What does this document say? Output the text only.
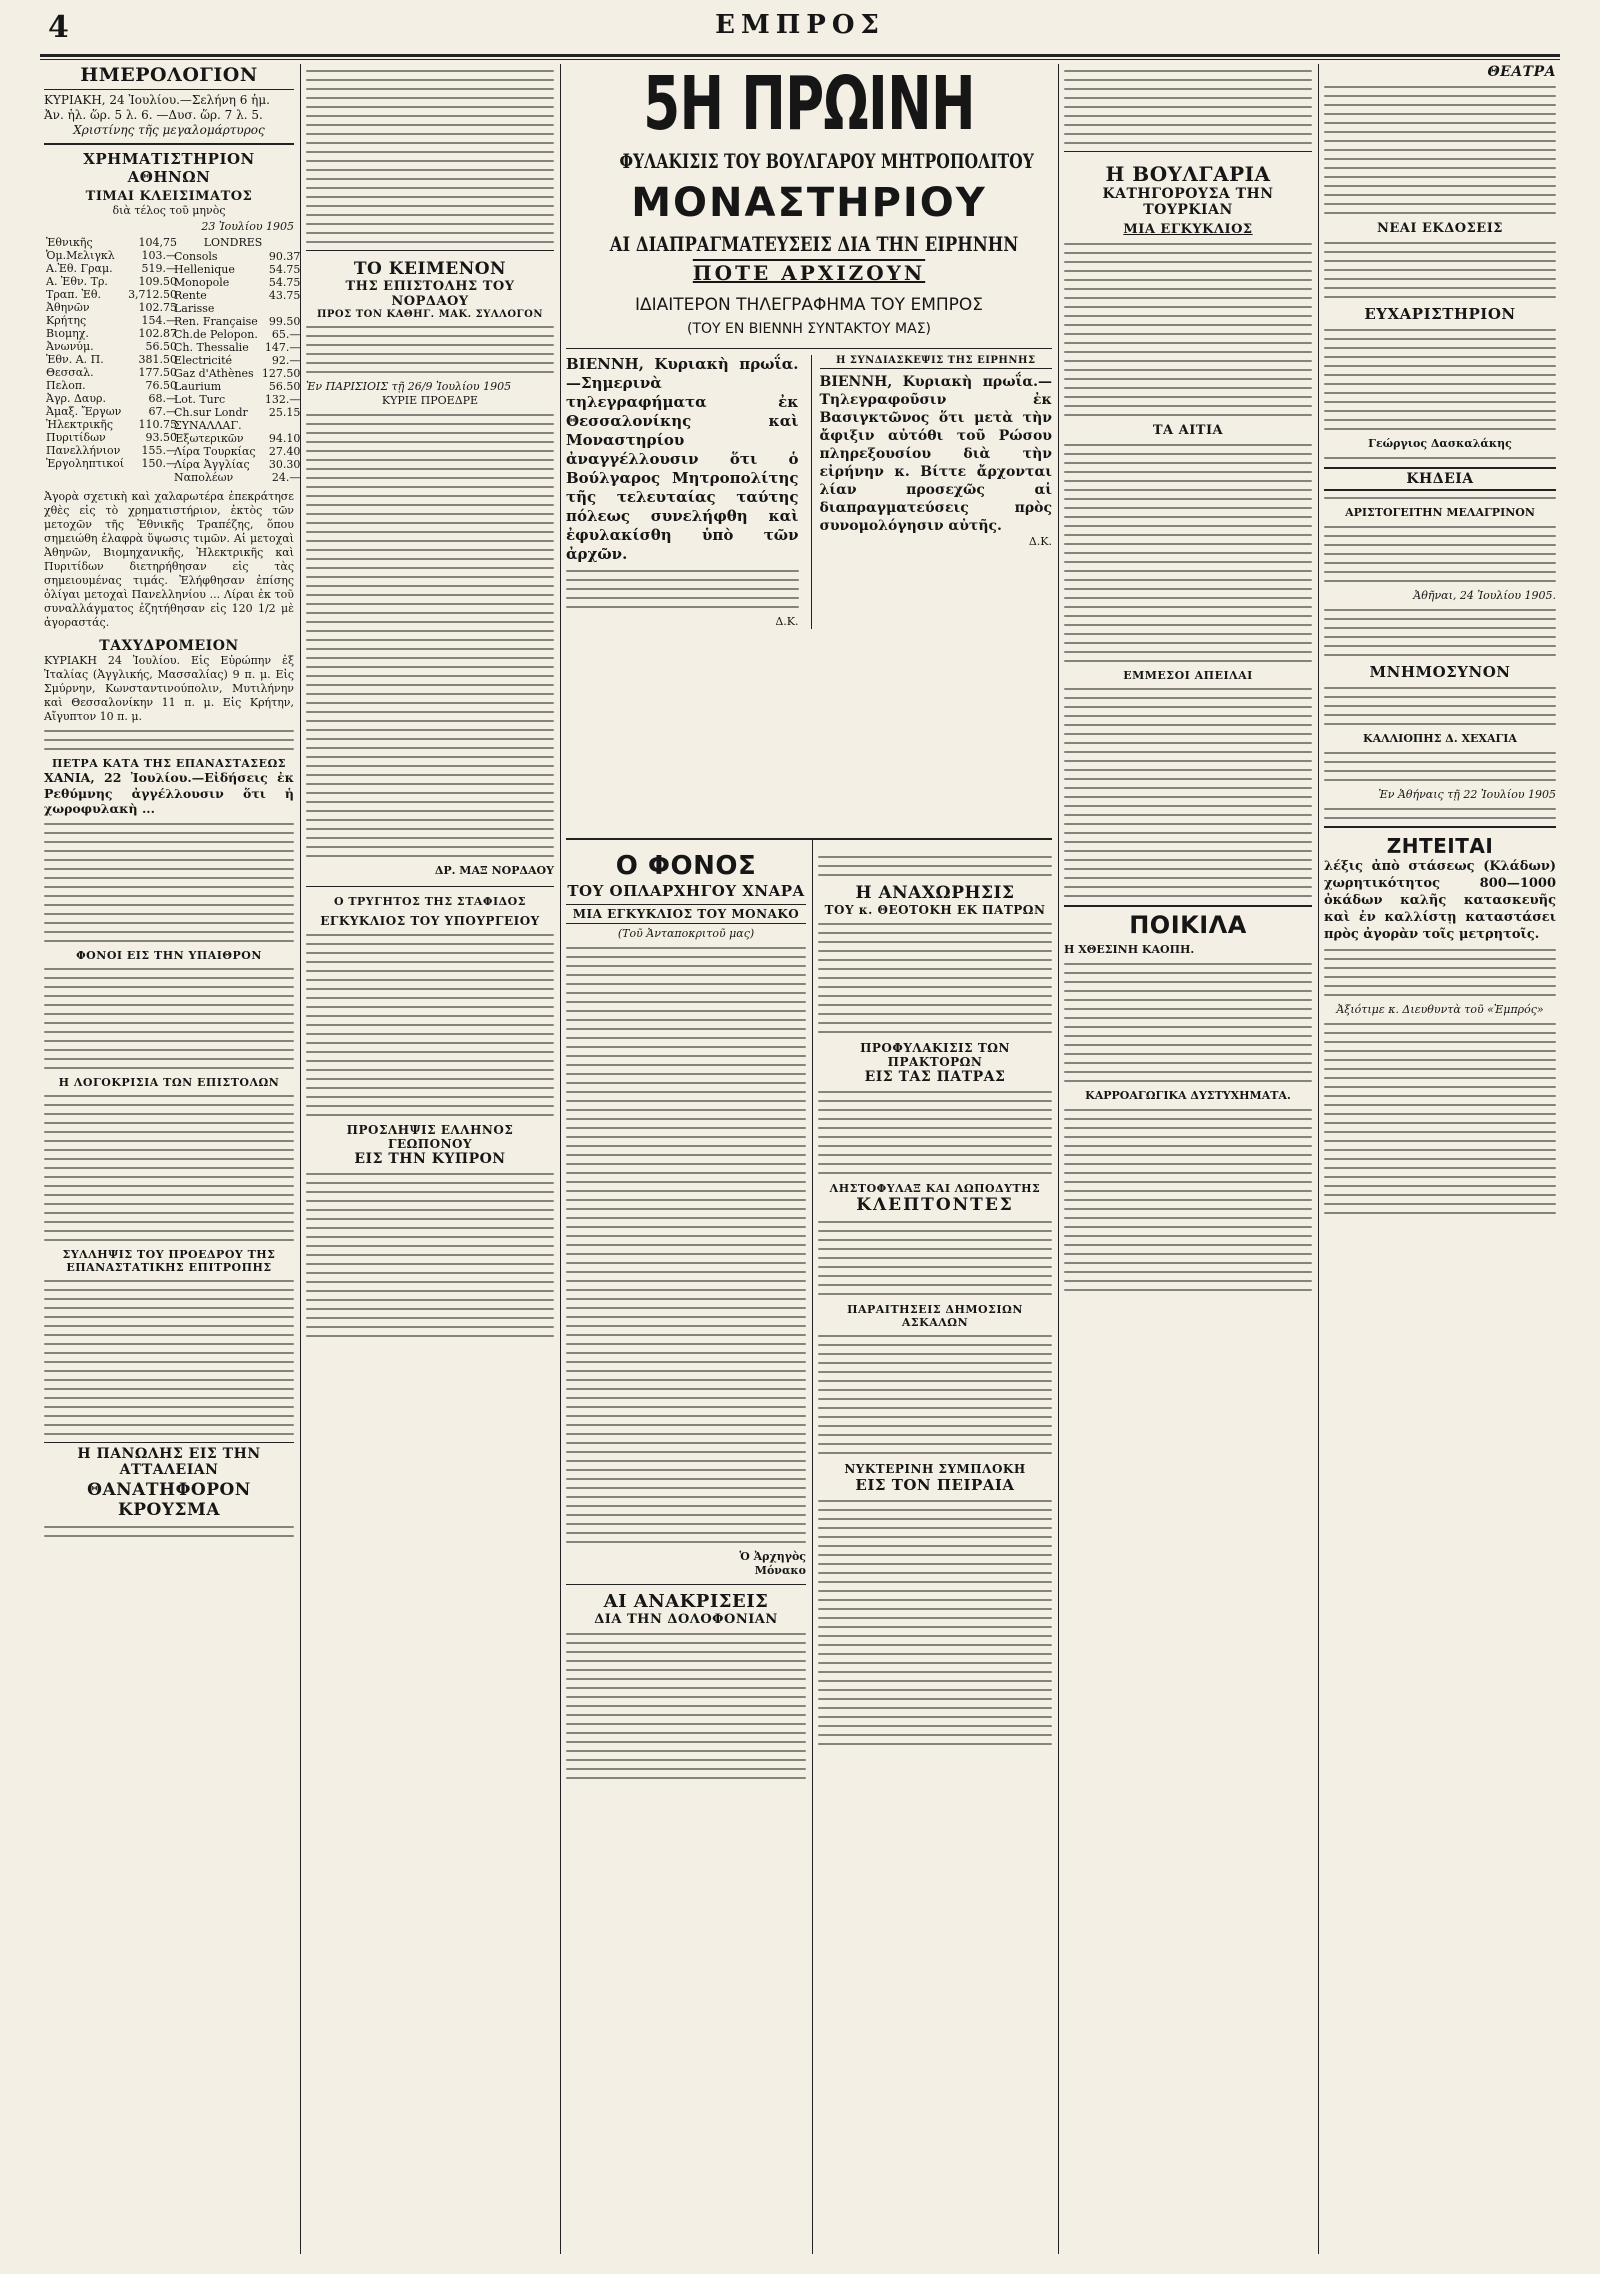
4	ΕΜΠΡΟΣ
ΗΜΕΡΟΛΟΓΙΟΝ
ΚΥΡΙΑΚΗ, 24 Ἰουλίου.—Σελήνη 6 ἡμ.
Ἀν. ἡλ. ὥρ. 5 λ. 6. —Δυσ. ὥρ. 7 λ. 5.
Χριστίνης τῆς μεγαλομάρτυρος
ΧΡΗΜΑΤΙΣΤΗΡΙΟΝ ΑΘΗΝΩΝ
ΤΙΜΑΙ ΚΛΕΙΣΙΜΑΤΟΣ
διὰ τέλος τοῦ μηνὸς
23 Ἰουλίου 1905
Ἐθνικῆς	104,75
Ὁμ.Μελιγκλ	103.—
Α.Ἐθ. Γραμ.	519.—
Α. Ἐθν. Τρ.	109.50
Τραπ. Ἐθ.	3,712.50
Ἀθηνῶν	102.75
Κρήτης	154.—
Βιομηχ.	102.87
Ἀνωνύμ.	56.50
Ἐθν. Α. Π.	381.50
Θεσσαλ.	177.50
Πελοπ.	76.50
Ἀγρ. Δαυρ.	68.—
Ἀμαξ. Ἔργων	67.—
Ἠλεκτρικῆς	110.75
Πυριτίδων	93.50
Πανελλήνιον	155.—
Ἐργοληπτικοί	150.—
LONDRES
Consols	90.37
Hellenique	54.75
Monopole	54.75
Rente	43.75
Larisse	
Ren. Française	99.50
Ch.de Pelopon.	65.—
Ch. Thessalie	147.—
Electricité	92.—
Gaz d'Athènes	127.50
Laurium	56.50
Lot. Turc	132.—
Ch.sur Londr	25.15
ΣΥΝΑΛΛΑΓ.	
Ἐξωτερικῶν	94.10
Λίρα Τουρκίας	27.40
Λίρα Ἀγγλίας	30.30
Ναπολέων	24.—
Ἀγορὰ σχετικὴ καὶ χαλαρωτέρα ἐπεκράτησε χθὲς εἰς τὸ χρηματιστήριον, ἐκτὸς τῶν μετοχῶν τῆς Ἐθνικῆς Τραπέζης, ὅπου σημειώθη ἐλαφρὰ ὕψωσις τιμῶν. Αἱ μετοχαὶ Ἀθηνῶν, Βιομηχανικῆς, Ἠλεκτρικῆς καὶ Πυριτίδων διετηρήθησαν εἰς τὰς σημειουμένας τιμάς. Ἐλήφθησαν ἐπίσης ὀλίγαι μετοχαὶ Πανελληνίου ... Λίραι ἐκ τοῦ συναλλάγματος ἐζητήθησαν εἰς 120 1/2 μὲ ἀγοραστάς.
ΤΑΧΥΔΡΟΜΕΙΟΝ
ΚΥΡΙΑΚΗ 24 Ἰουλίου. Εἰς Εὐρώπην ἐξ Ἰταλίας (Ἀγγλικής, Μασσαλίας) 9 π. μ. Εἰς Σμύρνην, Κωνσταντινούπολιν, Μυτιλήνην καὶ Θεσσαλονίκην 11 π. μ. Εἰς Κρήτην, Αἴγυπτον 10 π. μ.
ΠΕΤΡΑ ΚΑΤΑ ΤΗΣ ΕΠΑΝΑΣΤΑΣΕΩΣ
ΧΑΝΙΑ, 22 Ἰουλίου.—Εἰδήσεις ἐκ Ρεθύμνης ἀγγέλλουσιν ὅτι ἡ χωροφυλακὴ ...
ΦΟΝΟΙ ΕΙΣ ΤΗΝ ΥΠΑΙΘΡΟΝ
Η ΛΟΓΟΚΡΙΣΙΑ ΤΩΝ ΕΠΙΣΤΟΛΩΝ
ΣΥΛΛΗΨΙΣ ΤΟΥ ΠΡΟΕΔΡΟΥ ΤΗΣ ΕΠΑΝΑΣΤΑΤΙΚΗΣ ΕΠΙΤΡΟΠΗΣ
Η ΠΑΝΩΛΗΣ ΕΙΣ ΤΗΝ ΑΤΤΑΛΕΙΑΝ
ΘΑΝΑΤΗΦΟΡΟΝ ΚΡΟΥΣΜΑ
ΤΟ ΚΕΙΜΕΝΟΝ
ΤΗΣ ΕΠΙΣΤΟΛΗΣ ΤΟΥ ΝΟΡΔΑΟΥ
ΠΡΟΣ ΤΟΝ ΚΑΘΗΓ. ΜΑΚ. ΣΥΛΛΟΓΟΝ
Ἐν ΠΑΡΙΣΙΟΙΣ τῇ 26/9 Ἰουλίου 1905
ΚΥΡΙΕ ΠΡΟΕΔΡΕ
ΔΡ. ΜΑΞ ΝΟΡΔΑΟΥ
Ο ΤΡΥΓΗΤΟΣ ΤΗΣ ΣΤΑΦΙΔΟΣ
ΕΓΚΥΚΛΙΟΣ ΤΟΥ ΥΠΟΥΡΓΕΙΟΥ
ΠΡΟΣΛΗΨΙΣ ΕΛΛΗΝΟΣ ΓΕΩΠΟΝΟΥ
ΕΙΣ ΤΗΝ ΚΥΠΡΟΝ
5Η ΠΡΩΙΝΗ
ΦΥΛΑΚΙΣΙΣ ΤΟΥ ΒΟΥΛΓΑΡΟΥ ΜΗΤΡΟΠΟΛΙΤΟΥ
ΜΟΝΑΣΤΗΡΙΟΥ
ΑΙ ΔΙΑΠΡΑΓΜΑΤΕΥΣΕΙΣ ΔΙΑ ΤΗΝ ΕΙΡΗΝΗΝ
ΠΟΤΕ ΑΡΧΙΖΟΥΝ
ΙΔΙΑΙΤΕΡΟΝ ΤΗΛΕΓΡΑΦΗΜΑ ΤΟΥ ΕΜΠΡΟΣ
(ΤΟΥ ΕΝ ΒΙΕΝΝΗ ΣΥΝΤΑΚΤΟΥ ΜΑΣ)
ΒΙΕΝΝΗ, Κυριακὴ πρωΐα.—Σημερινὰ τηλεγραφήματα ἐκ Θεσσαλονίκης καὶ Μοναστηρίου ἀναγγέλλουσιν ὅτι ὁ Βούλγαρος Μητροπολίτης τῆς τελευταίας ταύτης πόλεως συνελήφθη καὶ ἐφυλακίσθη ὑπὸ τῶν ἀρχῶν.
Δ.Κ.
Η ΣΥΝΔΙΑΣΚΕΨΙΣ ΤΗΣ ΕΙΡΗΝΗΣ
ΒΙΕΝΝΗ, Κυριακὴ πρωΐα.—Τηλεγραφοῦσιν ἐκ Βασιγκτῶνος ὅτι μετὰ τὴν ἄφιξιν αὐτόθι τοῦ Ρώσου πληρεξουσίου διὰ τὴν εἰρήνην κ. Βίττε ἄρχονται λίαν προσεχῶς αἱ διαπραγματεύσεις πρὸς συνομολόγησιν αὐτῆς.
Δ.Κ.
Ο ΦΟΝΟΣ
ΤΟΥ ΟΠΛΑΡΧΗΓΟΥ ΧΝΑΡΑ
ΜΙΑ ΕΓΚΥΚΛΙΟΣ ΤΟΥ ΜΟΝΑΚΟ
(Τοῦ Ἀνταποκριτοῦ μας)
Ὁ Ἀρχηγὸς
Μόνακο
ΑΙ ΑΝΑΚΡΙΣΕΙΣ
ΔΙΑ ΤΗΝ ΔΟΛΟΦΟΝΙΑΝ
Η ΑΝΑΧΩΡΗΣΙΣ
ΤΟΥ κ. ΘΕΟΤΟΚΗ ΕΚ ΠΑΤΡΩΝ
ΠΡΟΦΥΛΑΚΙΣΙΣ ΤΩΝ ΠΡΑΚΤΟΡΩΝ
ΕΙΣ ΤΑΣ ΠΑΤΡΑΣ
ΛΗΣΤΟΦΥΛΑΞ ΚΑΙ ΛΩΠΟΔΥΤΗΣ
ΚΛΕΠΤΟΝΤΕΣ
ΠΑΡΑΙΤΗΣΕΙΣ ΔΗΜΟΣΙΩΝ ΑΣΚΑΛΩΝ
ΝΥΚΤΕΡΙΝΗ ΣΥΜΠΛΟΚΗ
ΕΙΣ ΤΟΝ ΠΕΙΡΑΙΑ
Η ΒΟΥΛΓΑΡΙΑ
ΚΑΤΗΓΟΡΟΥΣΑ ΤΗΝ ΤΟΥΡΚΙΑΝ
ΜΙΑ ΕΓΚΥΚΛΙΟΣ
ΤΑ ΑΙΤΙΑ
ΕΜΜΕΣΟΙ ΑΠΕΙΛΑΙ
ΠΟΙΚΙΛΑ
Η ΧΘΕΣΙΝΗ ΚΑΟΠΗ.
ΚΑΡΡΟΑΓΩΓΙΚΑ ΔΥΣΤΥΧΗΜΑΤΑ.
ΘΕΑΤΡΑ
ΝΕΑΙ ΕΚΔΟΣΕΙΣ
ΕΥΧΑΡΙΣΤΗΡΙΟΝ
Γεώργιος Δασκαλάκης
ΚΗΔΕΙΑ
ΑΡΙΣΤΟΓΕΙΤΗΝ ΜΕΛΑΓΡΙΝΟΝ
Ἀθῆναι, 24 Ἰουλίου 1905.
ΜΝΗΜΟΣΥΝΟΝ
ΚΑΛΛΙΟΠΗΣ Δ. ΧΕΧΑΓΙΑ
Ἐν Ἀθήναις τῇ 22 Ἰουλίου 1905
ΖΗΤΕΙΤΑΙ
λέξις ἀπὸ στάσεως (Κλάδων) χωρητικότητος 800—1000 ὀκάδων καλῆς κατασκευῆς καὶ ἐν καλλίστῃ καταστάσει πρὸς ἀγορὰν τοῖς μετρητοῖς.
Ἀξιότιμε κ. Διευθυντὰ τοῦ «Ἐμπρός»
